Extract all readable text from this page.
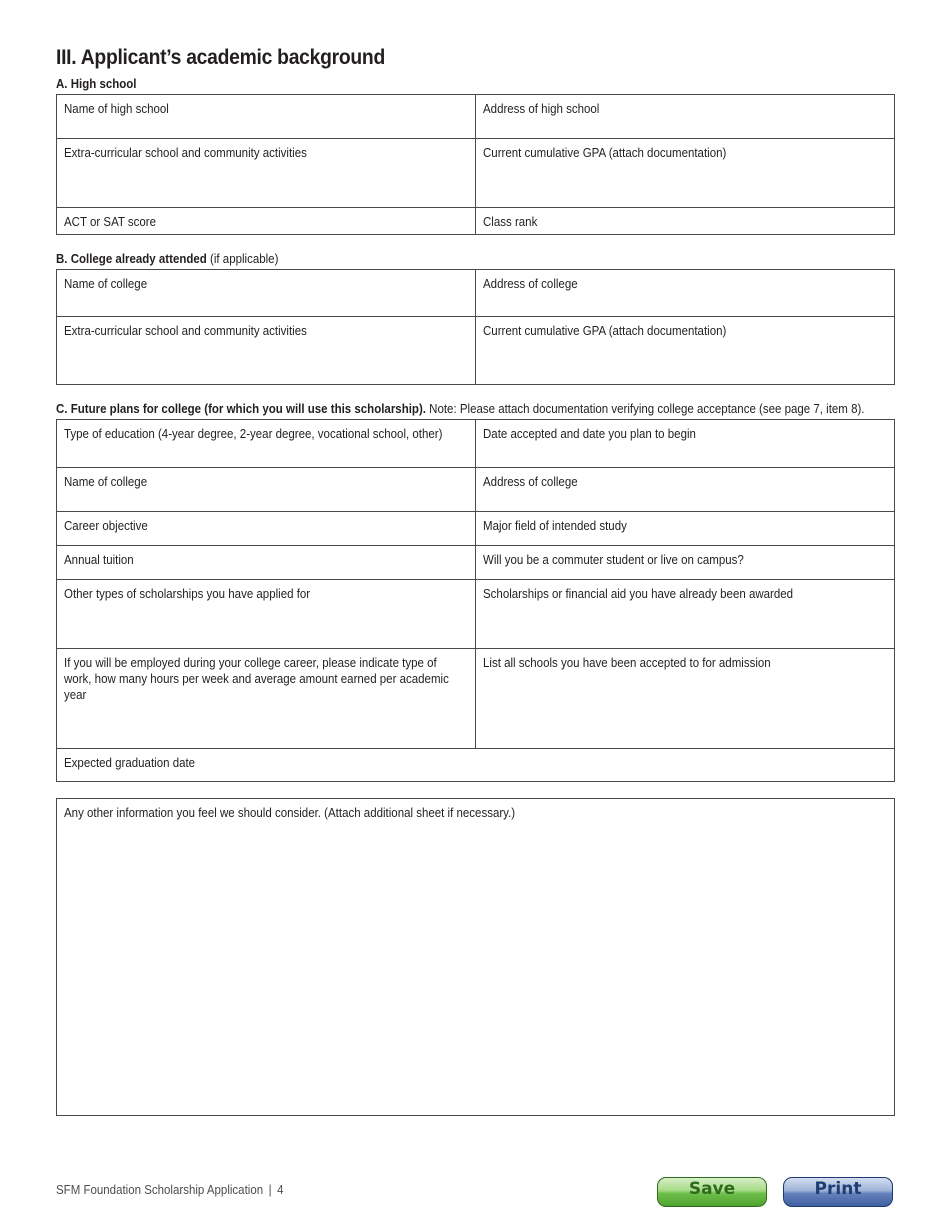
III. Applicant’s academic background
A. High school
Name of high school	Address of high school
Extra-curricular school and community activities	Current cumulative GPA (attach documentation)
ACT or SAT score	Class rank
B. College already attended (if applicable)
Name of college	Address of college
Extra-curricular school and community activities	Current cumulative GPA (attach documentation)
C. Future plans for college (for which you will use this scholarship). Note: Please attach documentation verifying college acceptance (see page 7, item 8).
Type of education (4-year degree, 2-year degree, vocational school, other)	Date accepted and date you plan to begin
Name of college	Address of college
Career objective	Major field of intended study
Annual tuition	Will you be a commuter student or live on campus?
Other types of scholarships you have applied for	Scholarships or financial aid you have already been awarded
If you will be employed during your college career, please indicate type of work, how many hours per week and average amount earned per academic year	List all schools you have been accepted to for admission
Expected graduation date	
Any other information you feel we should consider. (Attach additional sheet if necessary.)
SFM Foundation Scholarship Application | 4	Save	Print
